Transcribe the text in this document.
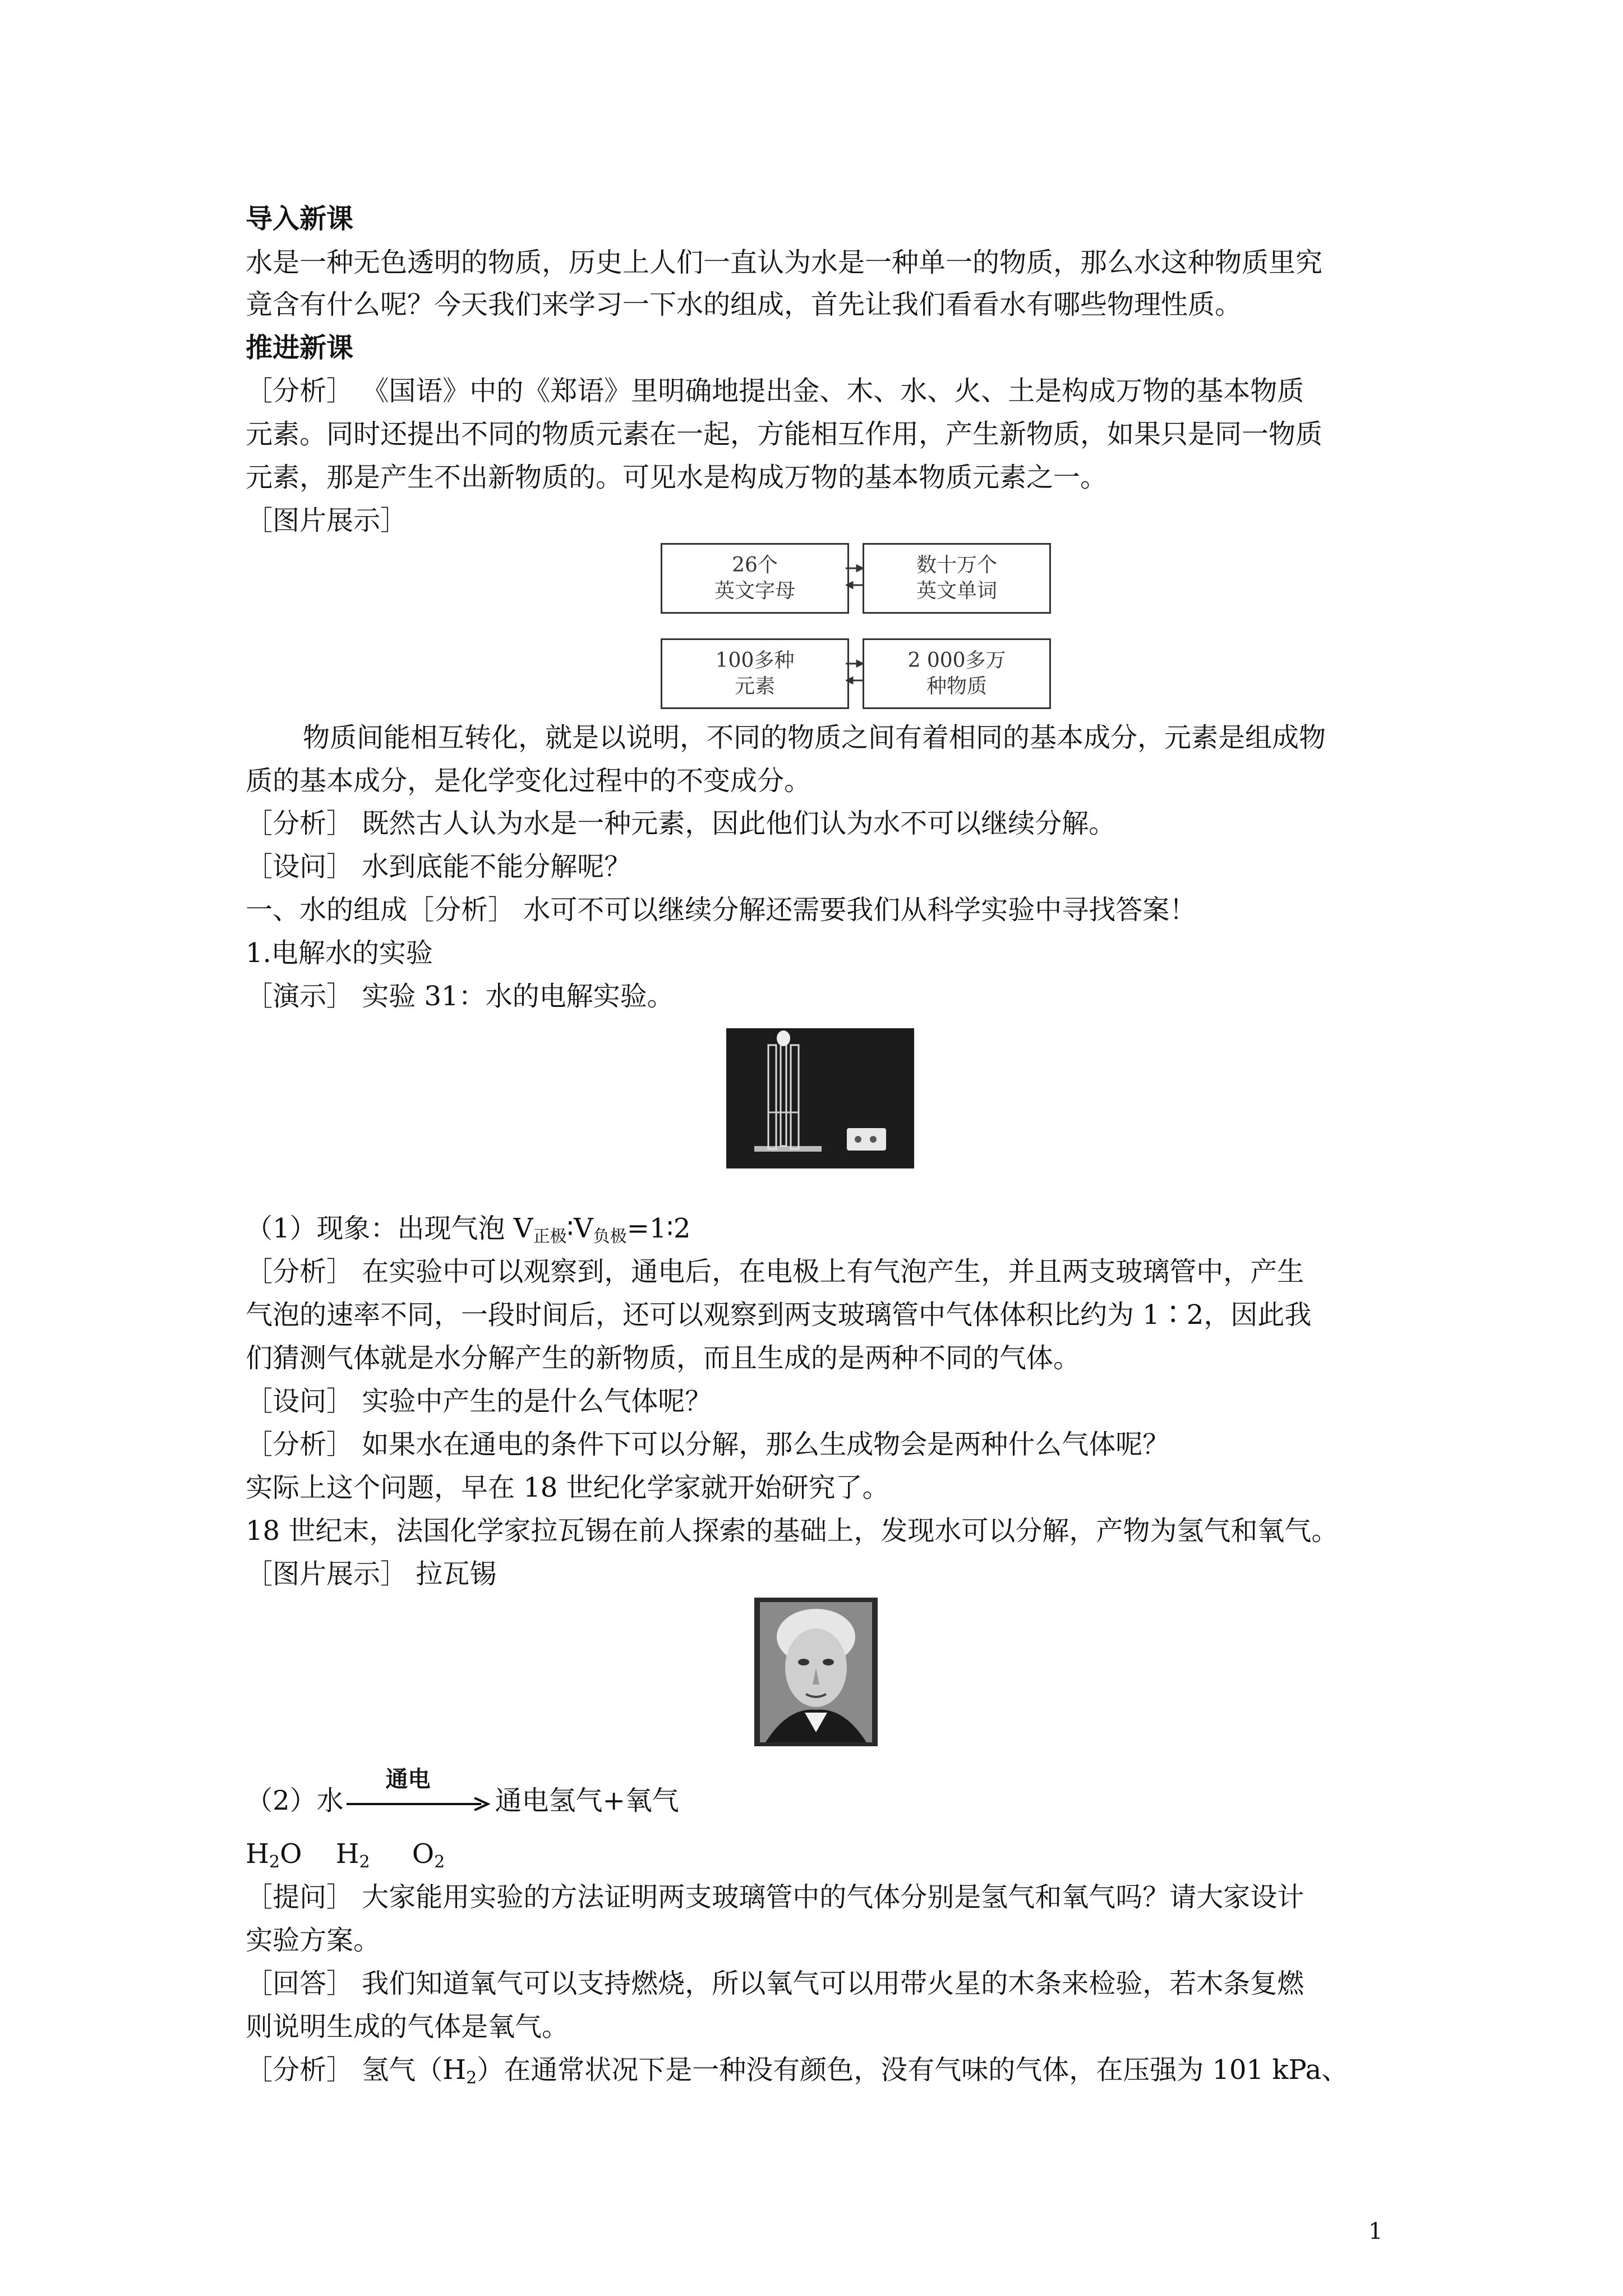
导入新课
水是一种无色透明的物质，历史上人们一直认为水是一种单一的物质，那么水这种物质里究
竟含有什么呢？今天我们来学习一下水的组成，首先让我们看看水有哪些物理性质。
推进新课
［分析］ 《国语》中的《郑语》里明确地提出金、木、水、火、土是构成万物的基本物质
元素。同时还提出不同的物质元素在一起，方能相互作用，产生新物质，如果只是同一物质
元素，那是产生不出新物质的。可见水是构成万物的基本物质元素之一。
［图片展示］
26个
英文字母
数十万个
英文单词
100多种
元素
2 000多万
种物质
物质间能相互转化，就是以说明，不同的物质之间有着相同的基本成分，元素是组成物
质的基本成分，是化学变化过程中的不变成分。
［分析］ 既然古人认为水是一种元素，因此他们认为水不可以继续分解。
［设问］ 水到底能不能分解呢？
一、水的组成［分析］ 水可不可以继续分解还需要我们从科学实验中寻找答案！
1.电解水的实验
［演示］ 实验 31：水的电解实验。
（1）现象：出现气泡 $V_{正极}∶V_{负极}=1∶2$
［分析］ 在实验中可以观察到，通电后，在电极上有气泡产生，并且两支玻璃管中，产生
气泡的速率不同，一段时间后，还可以观察到两支玻璃管中气体体积比约为 1∶2，因此我
们猜测气体就是水分解产生的新物质，而且生成的是两种不同的气体。
［设问］ 实验中产生的是什么气体呢？
［分析］ 如果水在通电的条件下可以分解，那么生成物会是两种什么气体呢？
实际上这个问题，早在 18 世纪化学家就开始研究了。
18 世纪末，法国化学家拉瓦锡在前人探索的基础上，发现水可以分解，产物为氢气和氧气。
［图片展示］ 拉瓦锡
（2）水
通电
通电氢气+氧气
$H_2O$ $H_2$ $O_2$
［提问］ 大家能用实验的方法证明两支玻璃管中的气体分别是氢气和氧气吗？请大家设计
实验方案。
［回答］ 我们知道氧气可以支持燃烧，所以氧气可以用带火星的木条来检验，若木条复燃
则说明生成的气体是氧气。
［分析］ 氢气$(H_2)$在通常状况下是一种没有颜色，没有气味的气体，在压强为 101 kPa、
1
